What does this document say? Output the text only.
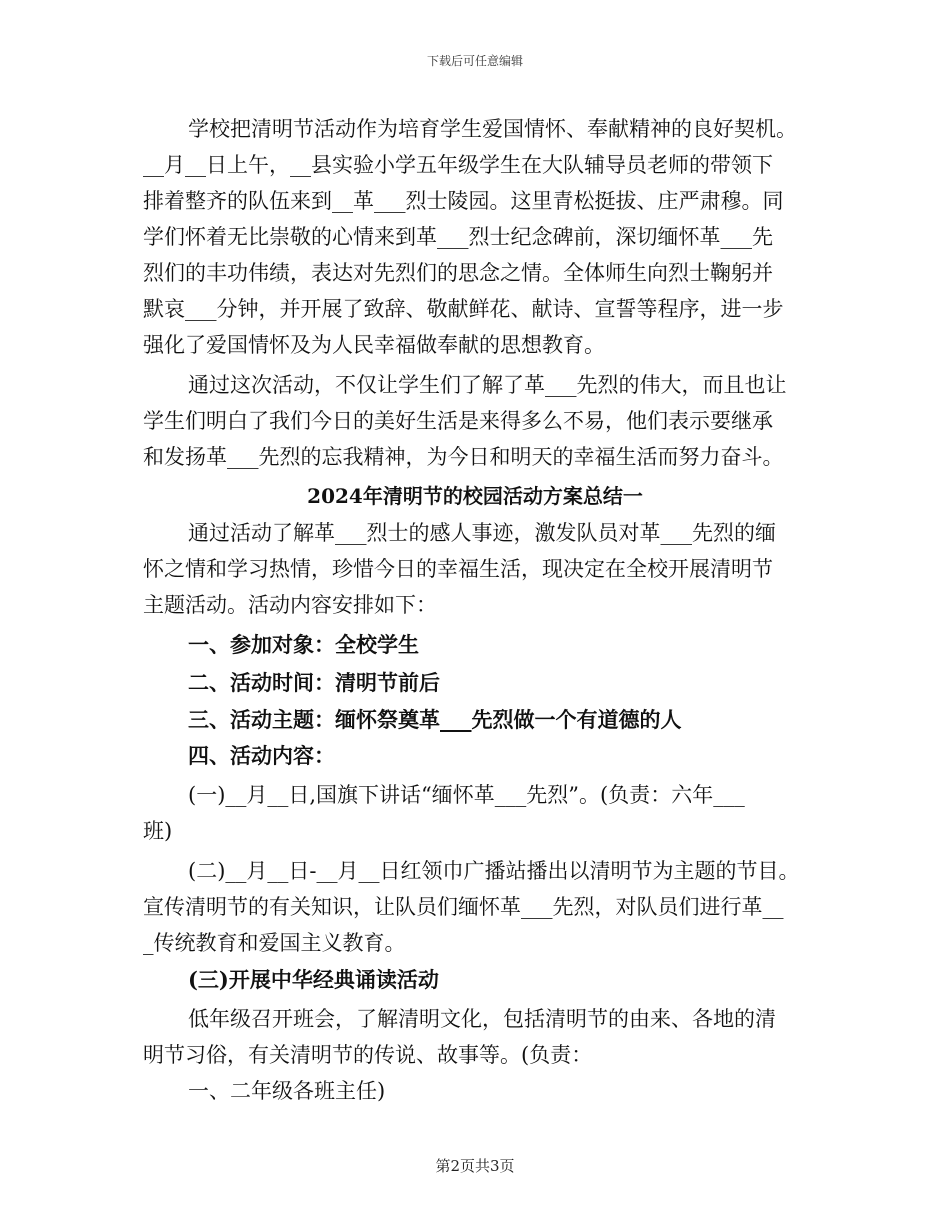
下载后可任意编辑
学校把清明节活动作为培育学生爱国情怀、奉献精神的良好契机。
__月__日上午，__县实验小学五年级学生在大队辅导员老师的带领下
排着整齐的队伍来到__革___烈士陵园。这里青松挺拔、庄严肃穆。同
学们怀着无比崇敬的心情来到革___烈士纪念碑前，深切缅怀革___先
烈们的丰功伟绩，表达对先烈们的思念之情。全体师生向烈士鞠躬并
默哀___分钟，并开展了致辞、敬献鲜花、献诗、宣誓等程序，进一步
强化了爱国情怀及为人民幸福做奉献的思想教育。
通过这次活动，不仅让学生们了解了革___先烈的伟大，而且也让
学生们明白了我们今日的美好生活是来得多么不易，他们表示要继承
和发扬革___先烈的忘我精神，为今日和明天的幸福生活而努力奋斗。
2024年清明节的校园活动方案总结一
通过活动了解革___烈士的感人事迹，激发队员对革___先烈的缅
怀之情和学习热情，珍惜今日的幸福生活，现决定在全校开展清明节
主题活动。活动内容安排如下：
一、参加对象：全校学生
二、活动时间：清明节前后
三、活动主题：缅怀祭奠革___先烈做一个有道德的人
四、活动内容：
(一)__月__日,国旗下讲话“缅怀革___先烈”。(负责：六年___
班)
(二)__月__日-__月__日红领巾广播站播出以清明节为主题的节目。
宣传清明节的有关知识，让队员们缅怀革___先烈，对队员们进行革__
_传统教育和爱国主义教育。
(三)开展中华经典诵读活动
低年级召开班会，了解清明文化，包括清明节的由来、各地的清
明节习俗，有关清明节的传说、故事等。(负责：
一、二年级各班主任)
第2页共3页
